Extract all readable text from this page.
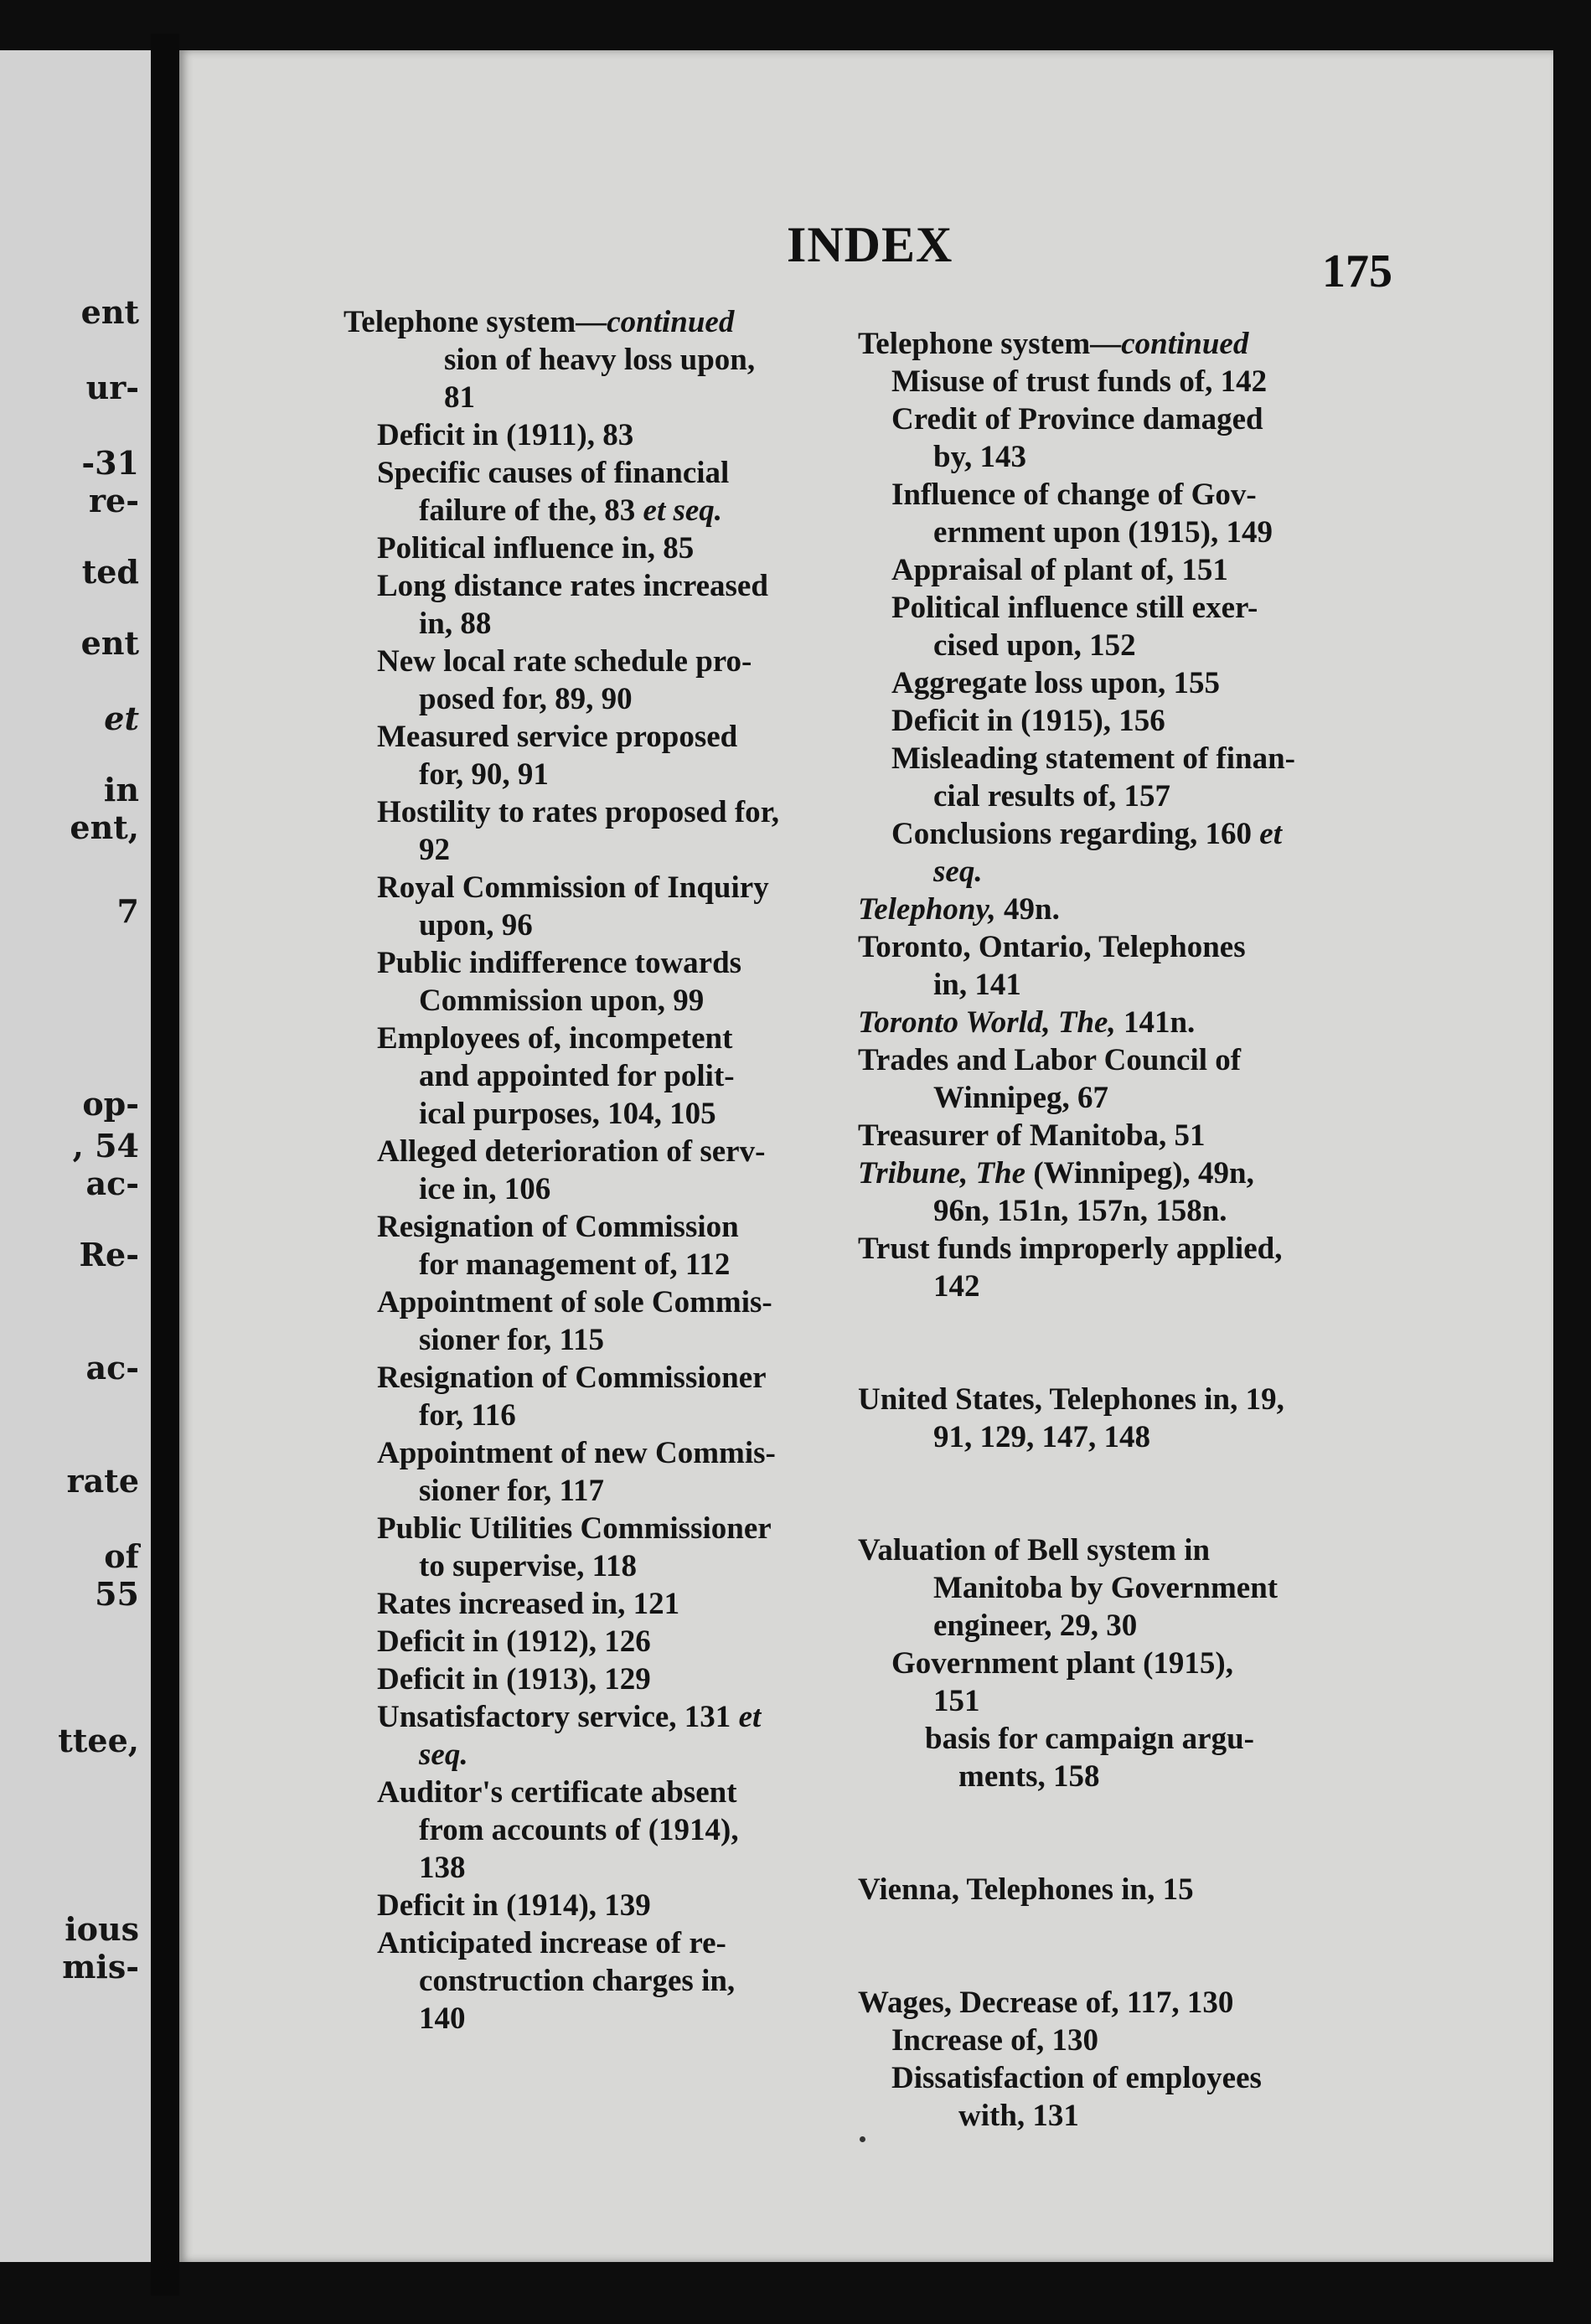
ent
ur-
-31
re-
ted
ent
et
in
ent,
7
op-
, 54
ac-
Re-
ac-
rate
of
55
ttee,
ious
mis-
INDEX	175
Telephone system—continued
sion of heavy loss upon,
81
Deficit in (1911), 83
Specific causes of financial
failure of the, 83 et seq.
Political influence in, 85
Long distance rates increased
in, 88
New local rate schedule pro-
posed for, 89, 90
Measured service proposed
for, 90, 91
Hostility to rates proposed for,
92
Royal Commission of Inquiry
upon, 96
Public indifference towards
Commission upon, 99
Employees of, incompetent
and appointed for polit-
ical purposes, 104, 105
Alleged deterioration of serv-
ice in, 106
Resignation of Commission
for management of, 112
Appointment of sole Commis-
sioner for, 115
Resignation of Commissioner
for, 116
Appointment of new Commis-
sioner for, 117
Public Utilities Commissioner
to supervise, 118
Rates increased in, 121
Deficit in (1912), 126
Deficit in (1913), 129
Unsatisfactory service, 131 et
seq.
Auditor's certificate absent
from accounts of (1914),
138
Deficit in (1914), 139
Anticipated increase of re-
construction charges in,
140
Telephone system—continued
Misuse of trust funds of, 142
Credit of Province damaged
by, 143
Influence of change of Gov-
ernment upon (1915), 149
Appraisal of plant of, 151
Political influence still exer-
cised upon, 152
Aggregate loss upon, 155
Deficit in (1915), 156
Misleading statement of finan-
cial results of, 157
Conclusions regarding, 160 et
seq.
Telephony, 49n.
Toronto, Ontario, Telephones
in, 141
Toronto World, The, 141n.
Trades and Labor Council of
Winnipeg, 67
Treasurer of Manitoba, 51
Tribune, The (Winnipeg), 49n,
96n, 151n, 157n, 158n.
Trust funds improperly applied,
142
United States, Telephones in, 19,
91, 129, 147, 148
Valuation of Bell system in
Manitoba by Government
engineer, 29, 30
Government plant (1915),
151
basis for campaign argu-
ments, 158
Vienna, Telephones in, 15
Wages, Decrease of, 117, 130
Increase of, 130
Dissatisfaction of employees
with, 131
